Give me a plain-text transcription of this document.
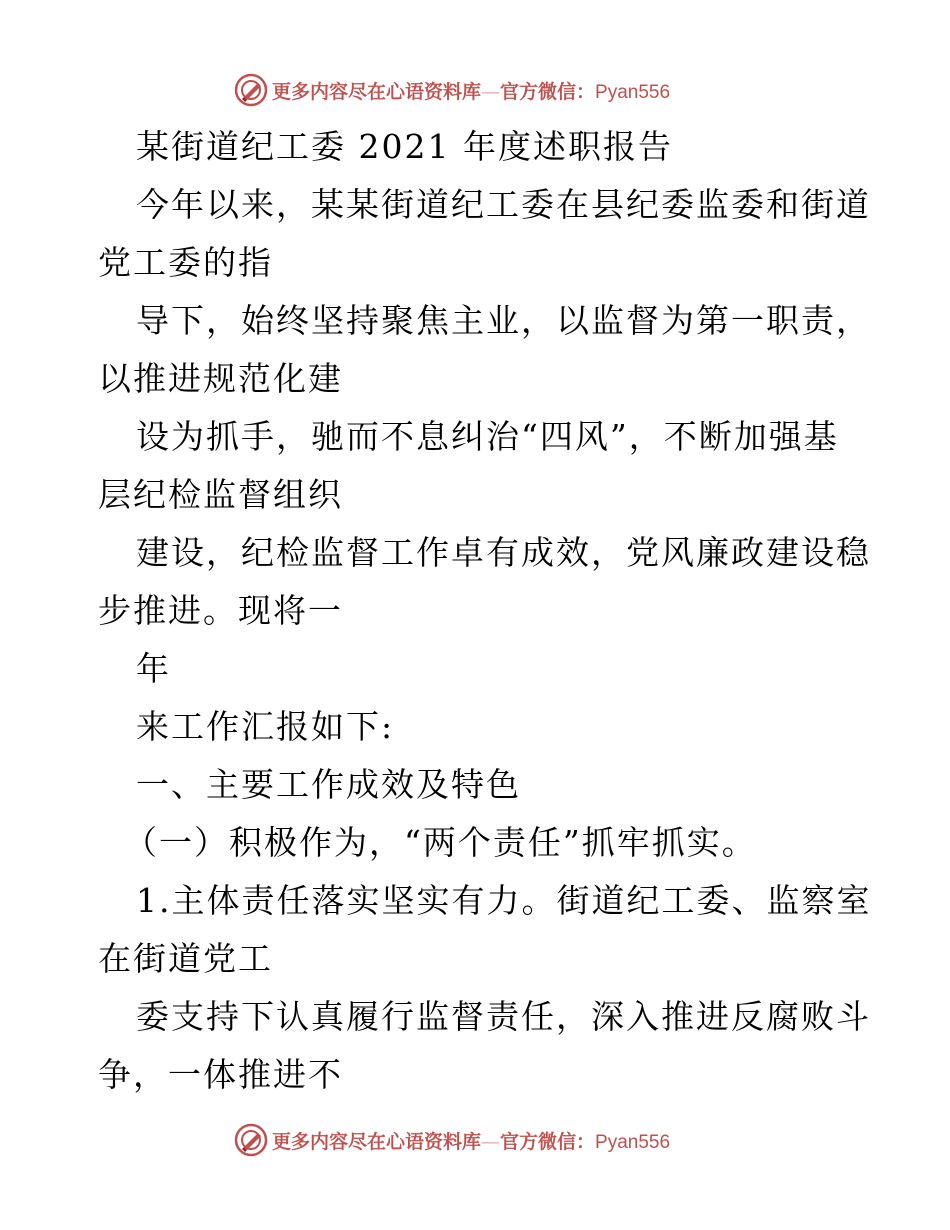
更多内容尽在心语资料库—官方微信：Pyan556
某街道纪工委 2021 年度述职报告
今年以来，某某街道纪工委在县纪委监委和街道
党工委的指
导下，始终坚持聚焦主业，以监督为第一职责，
以推进规范化建
设为抓手，驰而不息纠治“四风”，不断加强基
层纪检监督组织
建设，纪检监督工作卓有成效，党风廉政建设稳
步推进。现将一
年
来工作汇报如下:
一、主要工作成效及特色
（一）积极作为，“两个责任”抓牢抓实。
1.主体责任落实坚实有力。街道纪工委、监察室
在街道党工
委支持下认真履行监督责任，深入推进反腐败斗
争，一体推进不
更多内容尽在心语资料库—官方微信：Pyan556
